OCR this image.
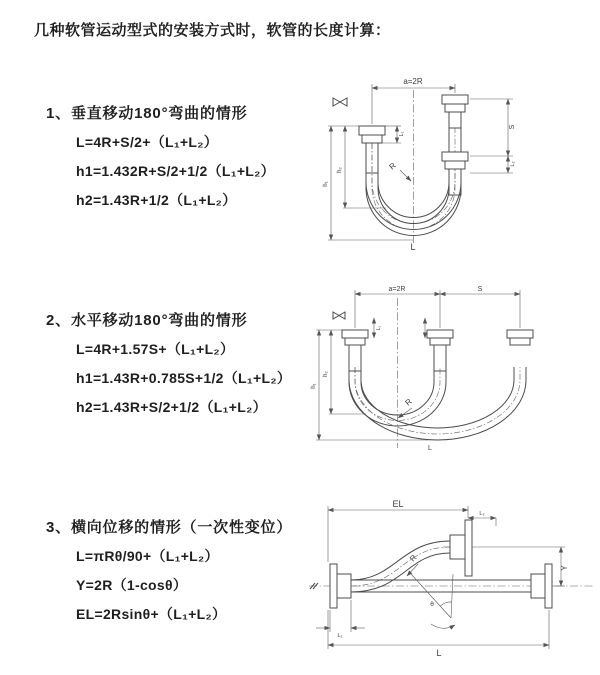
几种软管运动型式的安装方式时，软管的长度计算：
1、垂直移动180°弯曲的情形
L=4R+S/2+（L₁+L₂）
h1=1.432R+S/2+1/2（L₁+L₂）
h2=1.43R+1/2（L₁+L₂）
2、水平移动180°弯曲的情形
L=4R+1.57S+（L₁+L₂）
h1=1.43R+0.785S+1/2（L₁+L₂）
h2=1.43R+S/2+1/2（L₁+L₂）
3、横向位移的情形（一次性变位）
L=πRθ/90+（L₁+L₂）
Y=2R（1-cosθ）
EL=2Rsinθ+（L₁+L₂）
a=2R
S
L₂
L₁
h₁
h₂	R
L
a=2R	S
L₁
h₁
h₂
R
L
EL
L₂
Y
R
θ
L
L₁
